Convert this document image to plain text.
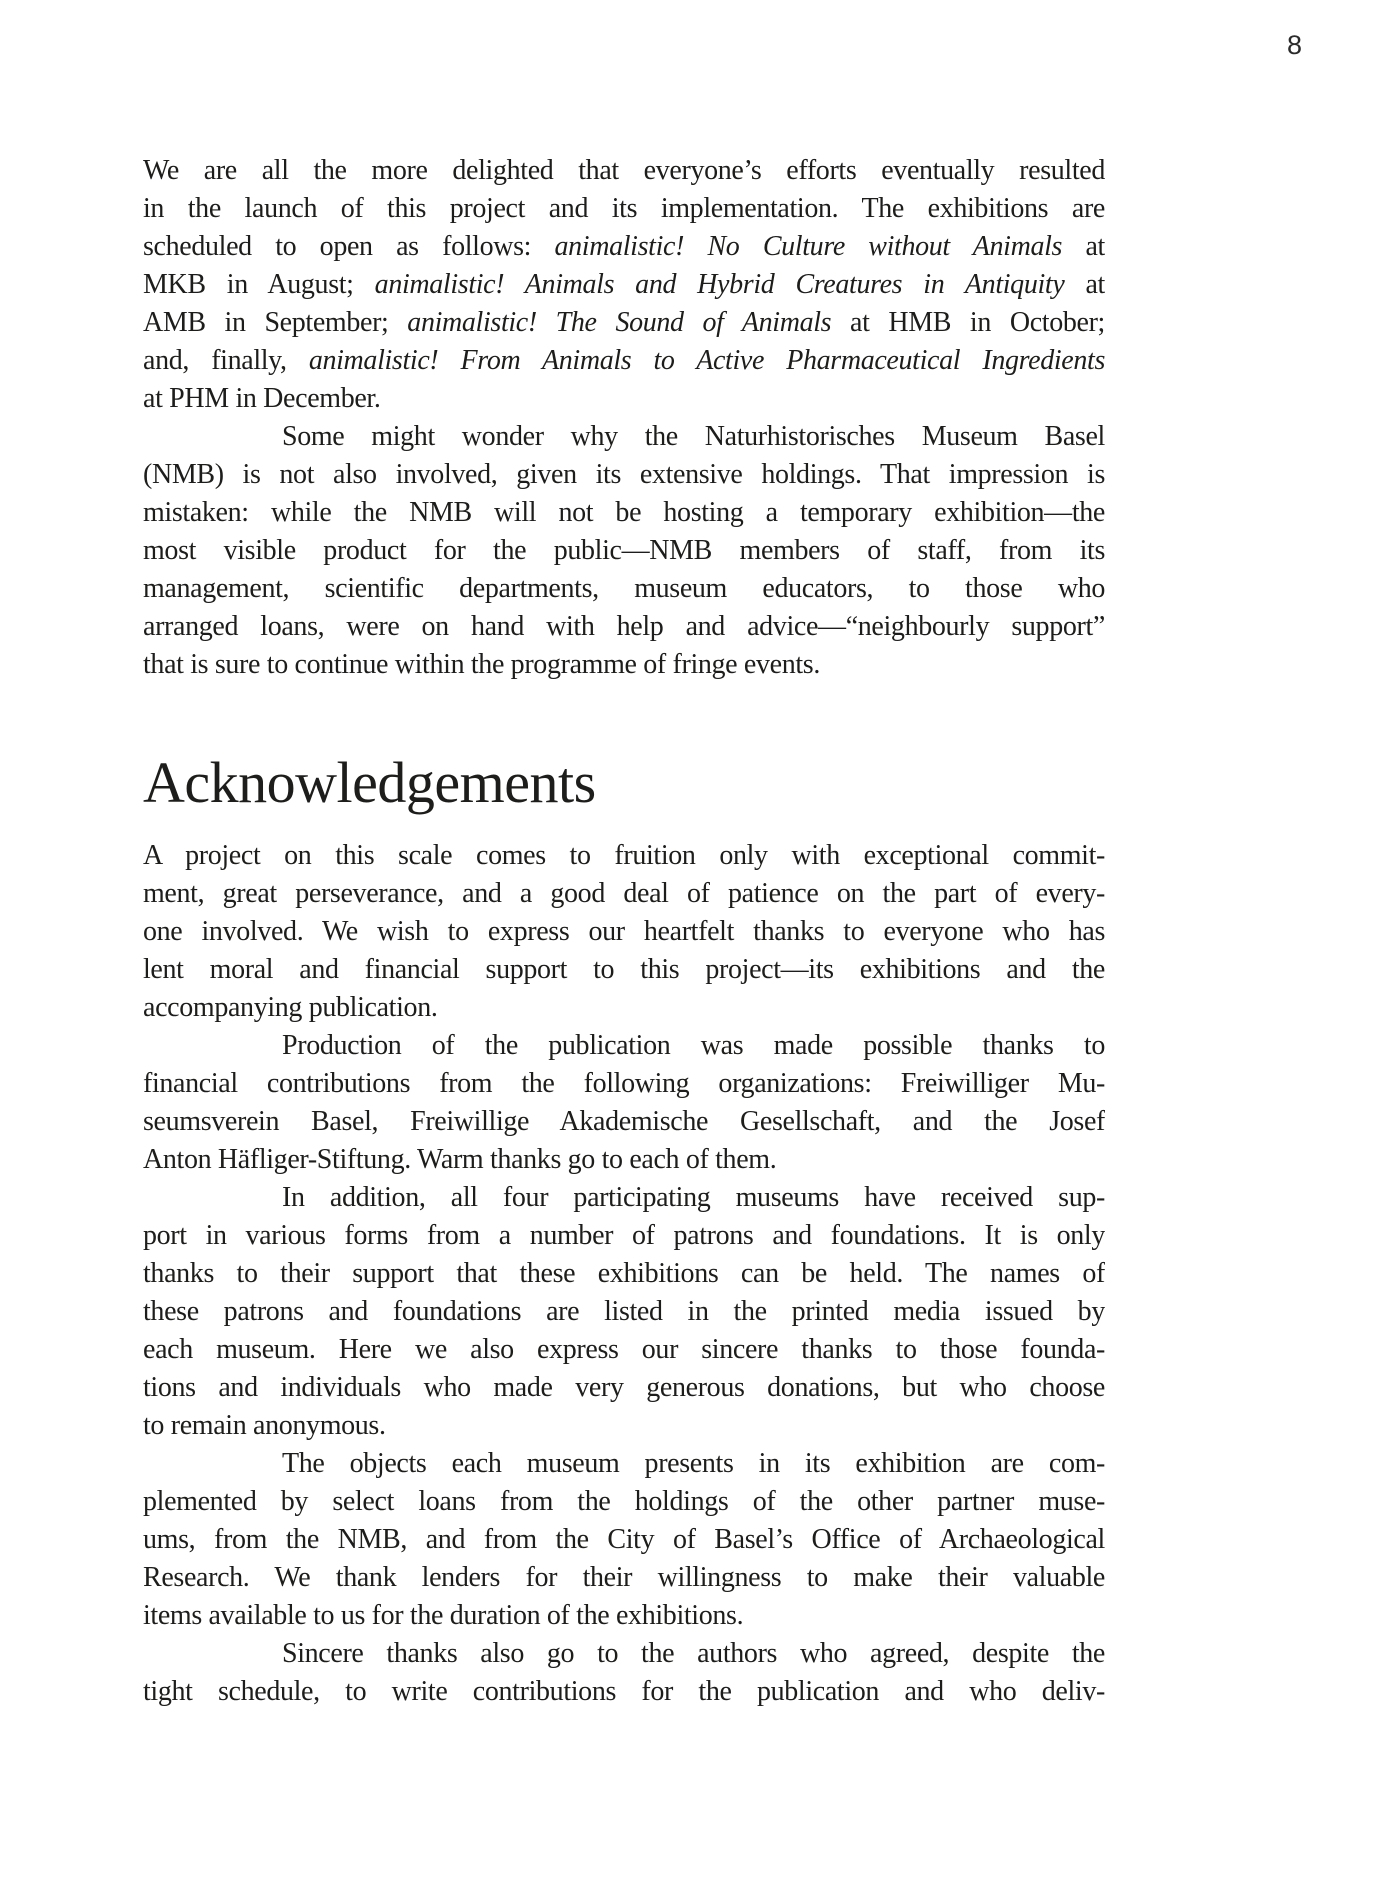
8
We are all the more delighted that everyone’s efforts eventually resulted
in the launch of this project and its implementation. The exhibitions are
scheduled to open as follows: animalistic! No Culture without Animals at
MKB in August; animalistic! Animals and Hybrid Creatures in Antiquity at
AMB in September; animalistic! The Sound of Animals at HMB in October;
and, finally, animalistic! From Animals to Active Pharmaceutical Ingredients
at PHM in December.
Some might wonder why the Naturhistorisches Museum Basel
(NMB) is not also involved, given its extensive holdings. That impression is
mistaken: while the NMB will not be hosting a temporary exhibition—the
most visible product for the public—NMB members of staff, from its
management, scientific departments, museum educators, to those who
arranged loans, were on hand with help and advice—“neighbourly support”
that is sure to continue within the programme of fringe events.
Acknowledgements
A project on this scale comes to fruition only with exceptional commit-
ment, great perseverance, and a good deal of patience on the part of every-
one involved. We wish to express our heartfelt thanks to everyone who has
lent moral and financial support to this project—its exhibitions and the
accompanying publication.
Production of the publication was made possible thanks to
financial contributions from the following organizations: Freiwilliger Mu-
seumsverein Basel, Freiwillige Akademische Gesellschaft, and the Josef
Anton Häfliger-Stiftung. Warm thanks go to each of them.
In addition, all four participating museums have received sup-
port in various forms from a number of patrons and foundations. It is only
thanks to their support that these exhibitions can be held. The names of
these patrons and foundations are listed in the printed media issued by
each museum. Here we also express our sincere thanks to those founda-
tions and individuals who made very generous donations, but who choose
to remain anonymous.
The objects each museum presents in its exhibition are com-
plemented by select loans from the holdings of the other partner muse-
ums, from the NMB, and from the City of Basel’s Office of Archaeological
Research. We thank lenders for their willingness to make their valuable
items available to us for the duration of the exhibitions.
Sincere thanks also go to the authors who agreed, despite the
tight schedule, to write contributions for the publication and who deliv-
